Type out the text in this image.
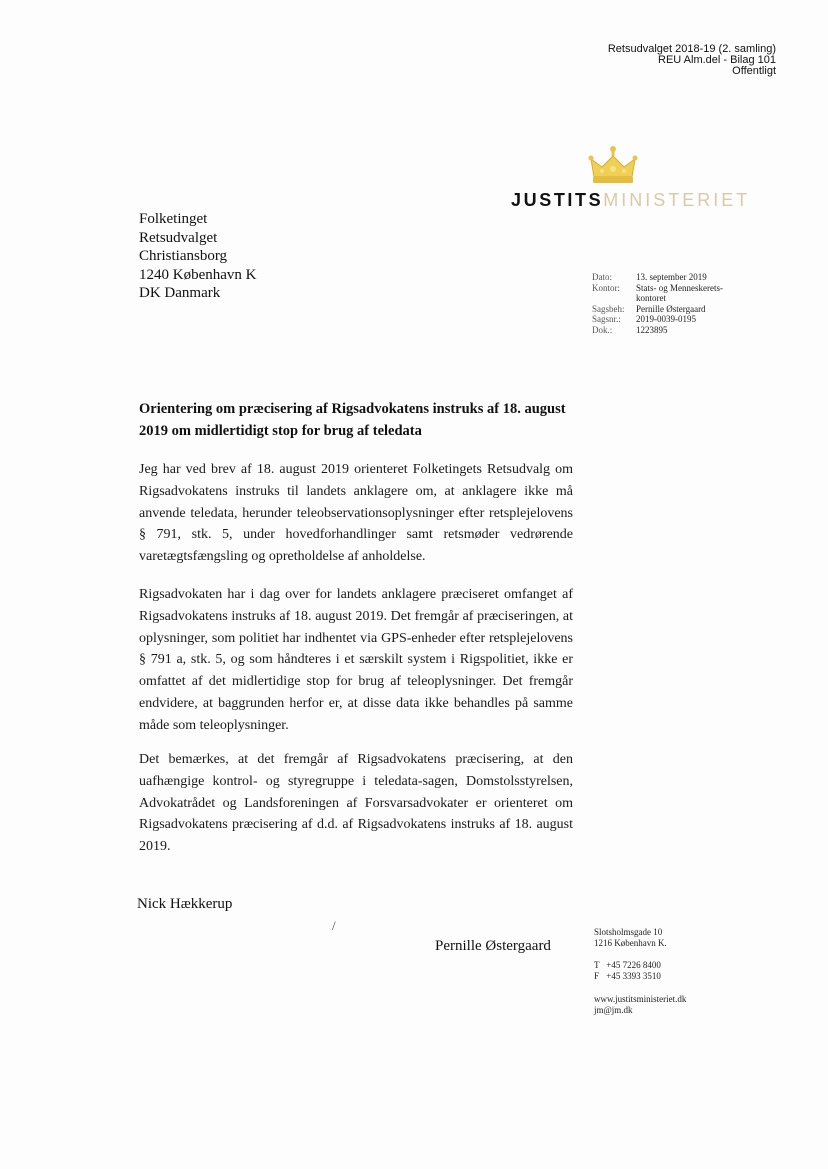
Retsudvalget 2018-19 (2. samling)
REU Alm.del - Bilag 101
Offentligt
JUSTITSMINISTERIET
Folketinget
Retsudvalget
Christiansborg
1240 København K
DK Danmark
Dato:	13. september 2019
Kontor:	Stats- og Menneskerets-
	kontoret
Sagsbeh:	Pernille Østergaard
Sagsnr.:	2019-0039-0195
Dok.:	1223895
Orientering om præcisering af Rigsadvokatens instruks af 18. august 2019 om midlertidigt stop for brug af teledata
Jeg har ved brev af 18. august 2019 orienteret Folketingets Retsudvalg om Rigsadvokatens instruks til landets anklagere om, at anklagere ikke må anvende teledata, herunder teleobservationsoplysninger efter retsplejelovens § 791, stk. 5, under hovedforhandlinger samt retsmøder vedrørende varetægtsfængsling og opretholdelse af anholdelse.
Rigsadvokaten har i dag over for landets anklagere præciseret omfanget af Rigsadvokatens instruks af 18. august 2019. Det fremgår af præciseringen, at oplysninger, som politiet har indhentet via GPS-enheder efter retsplejelovens § 791 a, stk. 5, og som håndteres i et særskilt system i Rigspolitiet, ikke er omfattet af det midlertidige stop for brug af teleoplysninger. Det fremgår endvidere, at baggrunden herfor er, at disse data ikke behandles på samme måde som teleoplysninger.
Det bemærkes, at det fremgår af Rigsadvokatens præcisering, at den uafhængige kontrol- og styregruppe i teledata-sagen, Domstolsstyrelsen, Advokatrådet og Landsforeningen af Forsvarsadvokater er orienteret om Rigsadvokatens præcisering af d.d. af Rigsadvokatens instruks af 18. august 2019.
Nick Hækkerup
/
Pernille Østergaard
Slotsholmsgade 10
1216 København K.
T +45 7226 8400
F +45 3393 3510
www.justitsministeriet.dk
jm@jm.dk
